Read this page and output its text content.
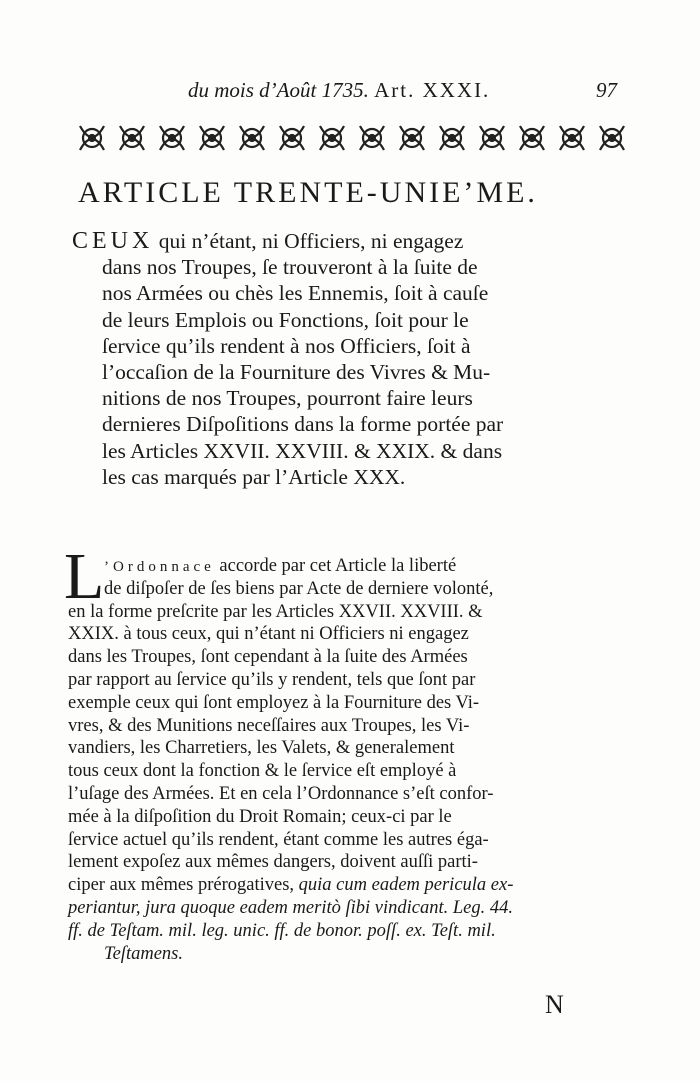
du mois d’Août 1735. Art. XXXI.	97
ARTICLE TRENTE-UNIE’ME.
CEUX qui n’étant, ni Officiers, ni engagez
dans nos Troupes, ſe trouveront à la ſuite de
nos Armées ou chès les Ennemis, ſoit à cauſe
de leurs Emplois ou Fonctions, ſoit pour le
ſervice qu’ils rendent à nos Officiers, ſoit à
l’occaſion de la Fourniture des Vivres & Mu-
nitions de nos Troupes, pourront faire leurs
dernieres Diſpoſitions dans la forme portée par
les Articles XXVII. XXVIII. & XXIX. & dans
les cas marqués par l’Article XXX.
L ’Ordonnace accorde par cet Article la liberté
de diſpoſer de ſes biens par Acte de derniere volonté,
en la forme preſcrite par les Articles XXVII. XXVIII. &
XXIX. à tous ceux, qui n’étant ni Officiers ni engagez
dans les Troupes, ſont cependant à la ſuite des Armées
par rapport au ſervice qu’ils y rendent, tels que ſont par
exemple ceux qui ſont employez à la Fourniture des Vi-
vres, & des Munitions neceſſaires aux Troupes, les Vi-
vandiers, les Charretiers, les Valets, & generalement
tous ceux dont la fonction & le ſervice eſt employé à
l’uſage des Armées. Et en cela l’Ordonnance s’eſt confor-
mée à la diſpoſition du Droit Romain; ceux-ci par le
ſervice actuel qu’ils rendent, étant comme les autres éga-
lement expoſez aux mêmes dangers, doivent auſſi parti-
ciper aux mêmes prérogatives, quia cum eadem pericula ex-
periantur, jura quoque eadem meritò ſibi vindicant. Leg. 44.
ff. de Teſtam. mil. leg. unic. ff. de bonor. poſſ. ex. Teſt. mil.
Teſtamens.
N
